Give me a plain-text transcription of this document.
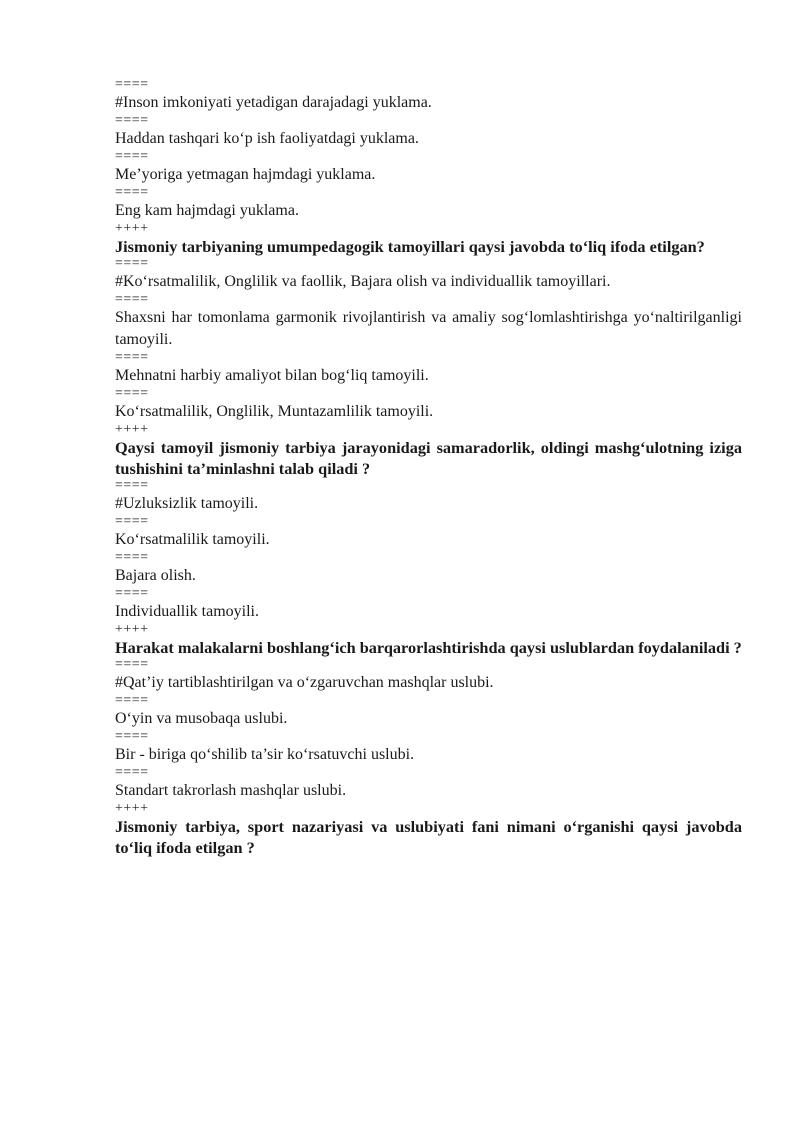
====
#Inson imkoniyati yetadigan darajadagi yuklama.
====
Haddan tashqari ko‘p ish faoliyatdagi yuklama.
====
Me’yoriga yetmagan hajmdagi yuklama.
====
Eng kam hajmdagi yuklama.
++++
Jismoniy tarbiyaning umumpedagogik tamoyillari qaysi javobda to‘liq ifoda etilgan?
====
#Ko‘rsatmalilik, Onglilik va faollik, Bajara olish va individuallik tamoyillari.
====
Shaxsni har tomonlama garmonik rivojlantirish va amaliy sog‘lomlashtirishga yo‘naltirilganligi tamoyili.
====
Mehnatni harbiy amaliyot bilan bog‘liq tamoyili.
====
Ko‘rsatmalilik, Onglilik, Muntazamlilik tamoyili.
++++
Qaysi tamoyil jismoniy tarbiya jarayonidagi samaradorlik, oldingi mashg‘ulotning iziga tushishini ta’minlashni talab qiladi ?
====
#Uzluksizlik tamoyili.
====
Ko‘rsatmalilik tamoyili.
====
Bajara olish.
====
Individuallik tamoyili.
++++
Harakat malakalarni boshlang‘ich barqarorlashtirishda qaysi uslublardan foydalaniladi ?
====
#Qat’iy tartiblashtirilgan va o‘zgaruvchan mashqlar uslubi.
====
O‘yin va musobaqa uslubi.
====
Bir - biriga qo‘shilib ta’sir ko‘rsatuvchi uslubi.
====
Standart takrorlash mashqlar uslubi.
++++
Jismoniy tarbiya, sport nazariyasi va uslubiyati fani nimani o‘rganishi qaysi javobda to‘liq ifoda etilgan ?
